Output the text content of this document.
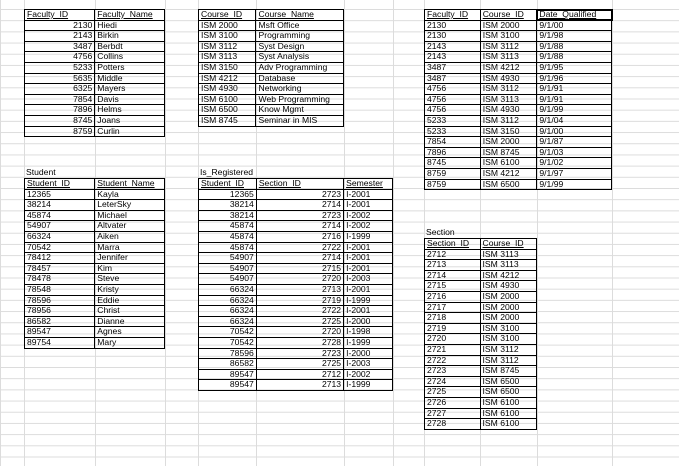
Faculty_ID	Faculty_Name
2130	Hiedi
2143	Birkin
3487	Berbdt
4756	Collins
5233	Potters
5635	Middle
6325	Mayers
7854	Davis
7896	Helms
8745	Joans
8759	Curlin
Course_ID	Course_Name
ISM 2000	Msft Office
ISM 3100	Programming
ISM 3112	Syst Design
ISM 3113	Syst Analysis
ISM 3150	Adv Programming
ISM 4212	Database
ISM 4930	Networking
ISM 6100	Web Programming
ISM 6500	Know Mgmt
ISM 8745	Seminar in MIS
Faculty_ID	Course_ID	Date_Qualified
2130	ISM 2000	9/1/00
2130	ISM 3100	9/1/98
2143	ISM 3112	9/1/88
2143	ISM 3113	9/1/88
3487	ISM 4212	9/1/95
3487	ISM 4930	9/1/96
4756	ISM 3112	9/1/91
4756	ISM 3113	9/1/91
4756	ISM 4930	9/1/99
5233	ISM 3112	9/1/04
5233	ISM 3150	9/1/00
7854	ISM 2000	9/1/87
7896	ISM 8745	9/1/03
8745	ISM 6100	9/1/02
8759	ISM 4212	9/1/97
8759	ISM 6500	9/1/99
Student
Student_ID	Student_Name
12365	Kayla
38214	LeterSky
45874	Michael
54907	Altvater
66324	Aiken
70542	Marra
78412	Jennifer
78457	Kim
78478	Steve
78548	Kristy
78596	Eddie
78956	Christ
86582	Dianne
89547	Agnes
89754	Mary
Is_Registered
Student_ID	Section_ID	Semester
12365	2723	I-2001
38214	2714	I-2001
38214	2723	I-2002
45874	2714	I-2002
45874	2716	I-1999
45874	2722	I-2001
54907	2714	I-2001
54907	2715	I-2001
54907	2720	I-2003
66324	2713	I-2001
66324	2719	I-1999
66324	2722	I-2001
66324	2725	I-2000
70542	2720	I-1998
70542	2728	I-1999
78596	2723	I-2000
86582	2725	I-2003
89547	2712	I-2002
89547	2713	I-1999
Section
Section_ID	Course_ID
2712	ISM 3113
2713	ISM 3113
2714	ISM 4212
2715	ISM 4930
2716	ISM 2000
2717	ISM 2000
2718	ISM 2000
2719	ISM 3100
2720	ISM 3100
2721	ISM 3112
2722	ISM 3112
2723	ISM 8745
2724	ISM 6500
2725	ISM 6500
2726	ISM 6100
2727	ISM 6100
2728	ISM 6100
